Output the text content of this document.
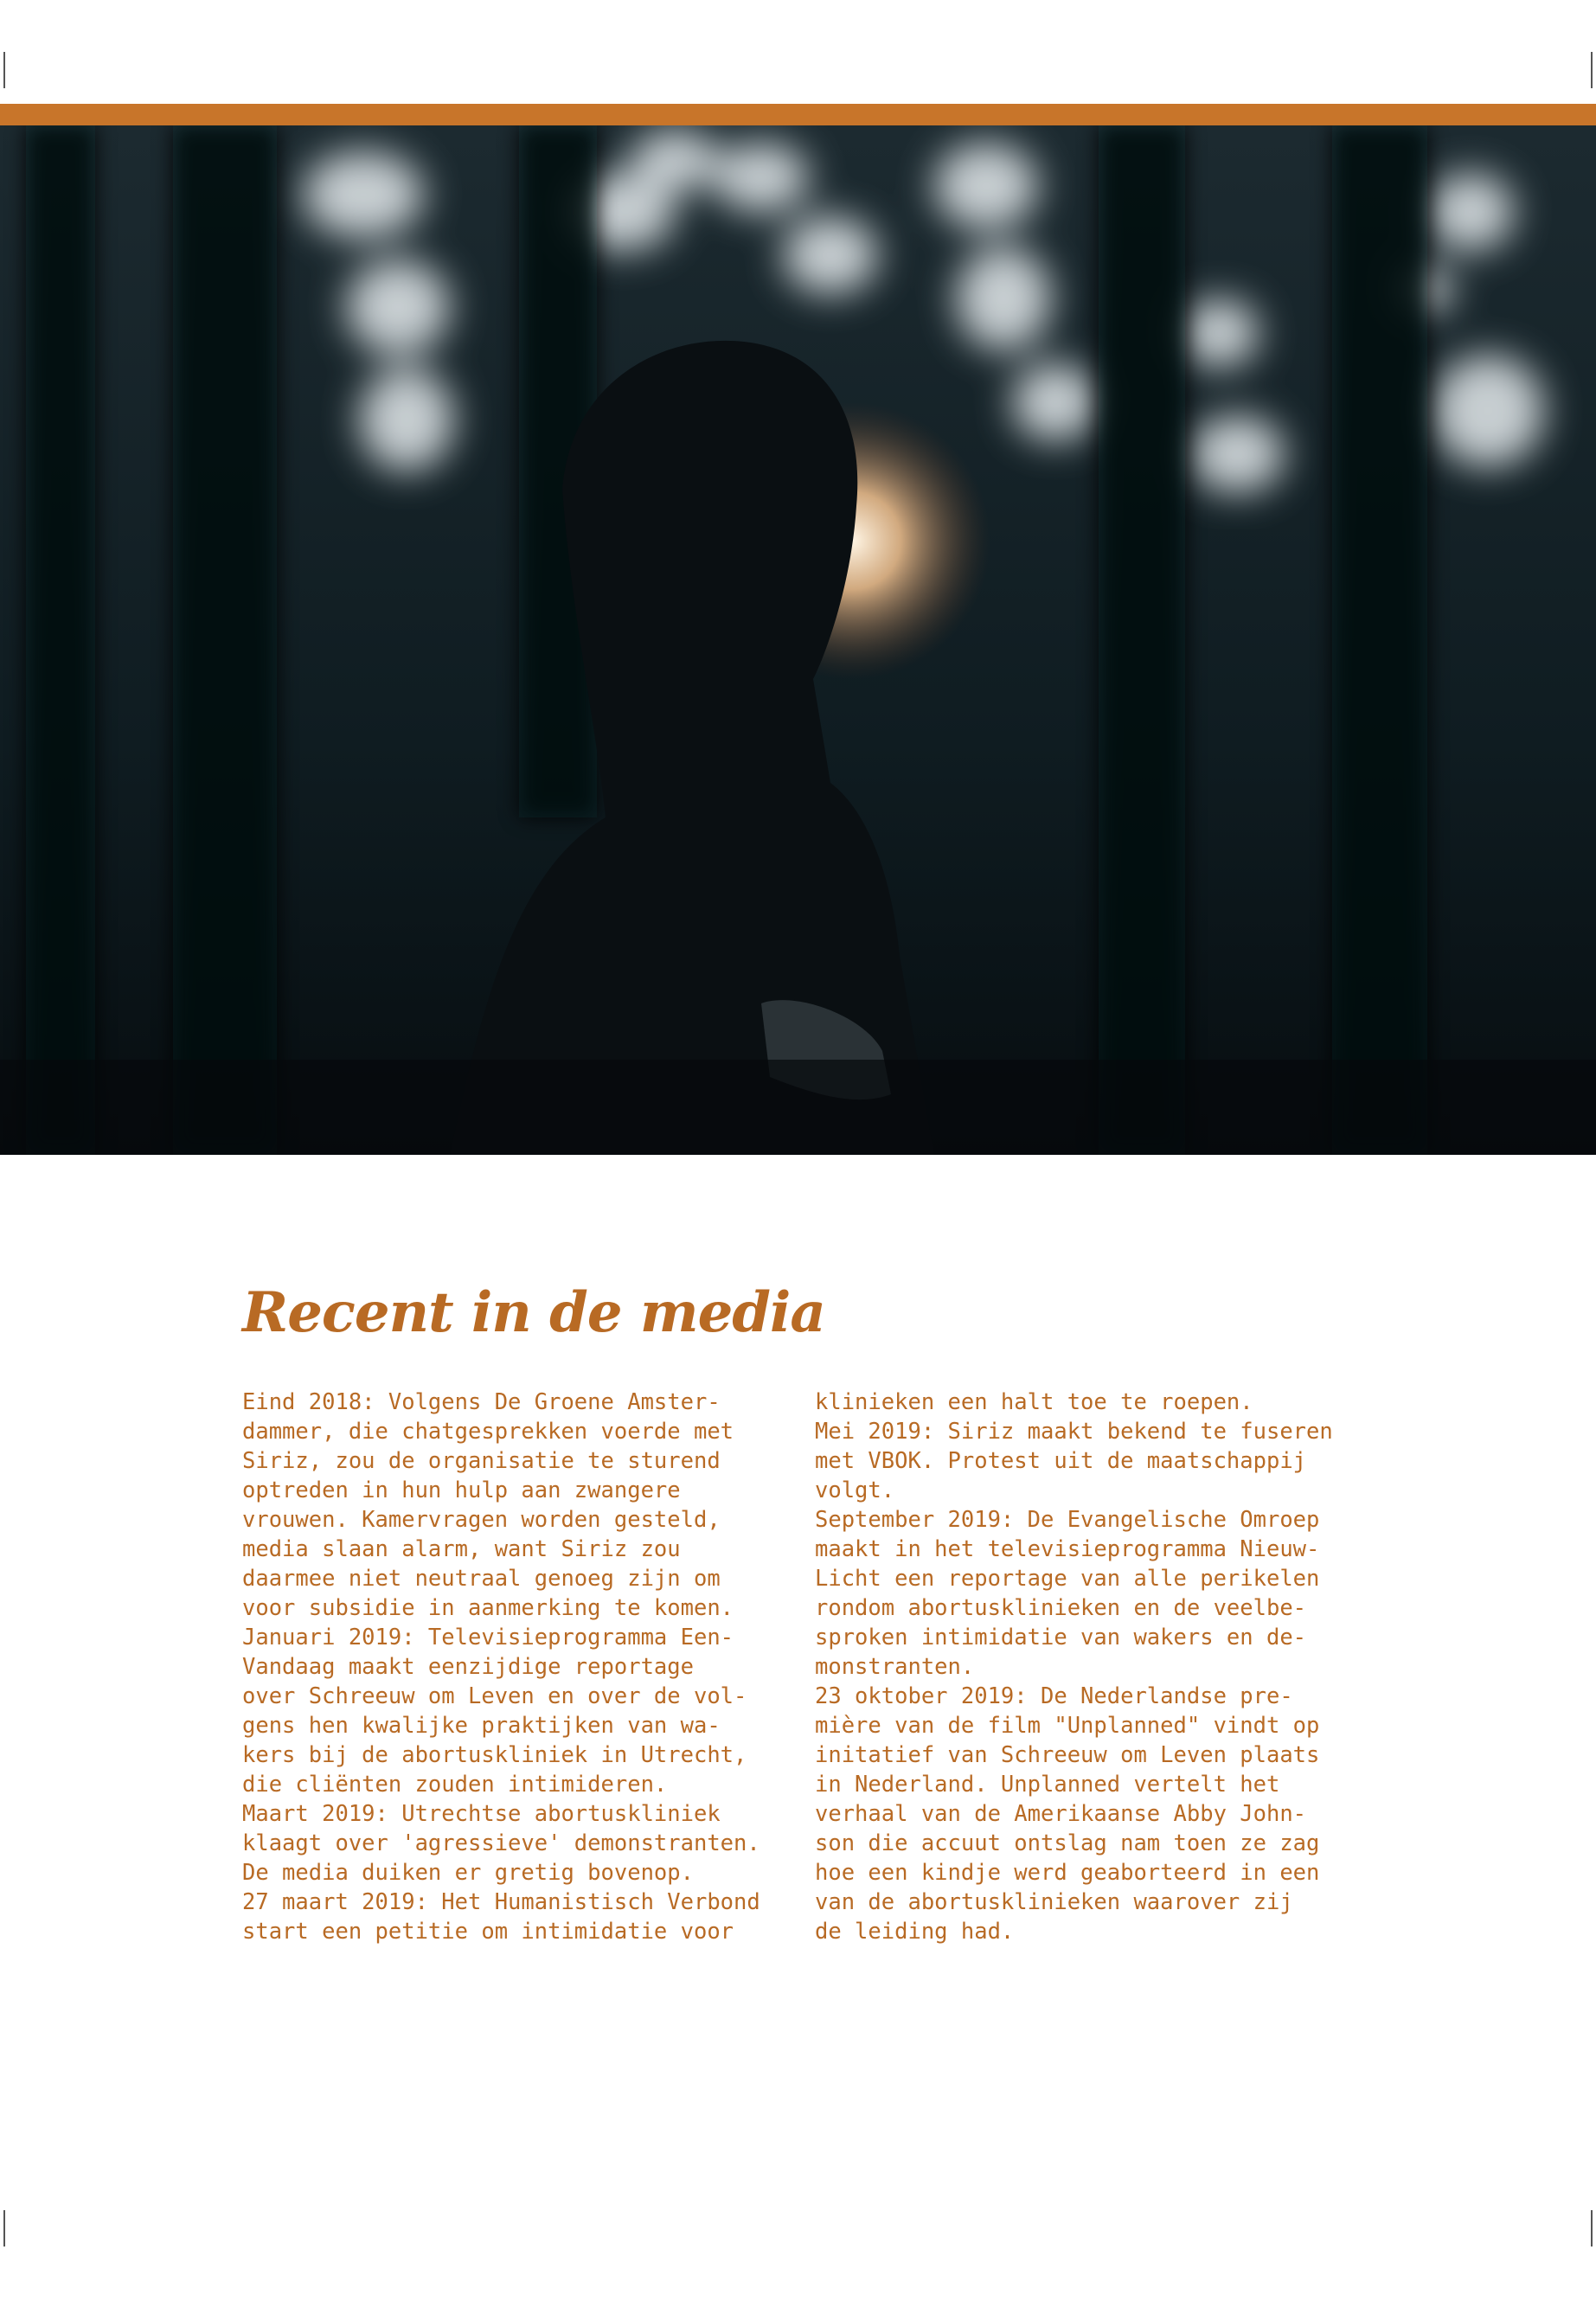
Recent in de media

Eind 2018: Volgens De Groene Amster-
dammer, die chatgesprekken voerde met
Siriz, zou de organisatie te sturend
optreden in hun hulp aan zwangere
vrouwen. Kamervragen worden gesteld,
media slaan alarm, want Siriz zou
daarmee niet neutraal genoeg zijn om
voor subsidie in aanmerking te komen.
Januari 2019: Televisieprogramma Een-
Vandaag maakt eenzijdige reportage
over Schreeuw om Leven en over de vol-
gens hen kwalijke praktijken van wa-
kers bij de abortuskliniek in Utrecht,
die cliënten zouden intimideren.
Maart 2019: Utrechtse abortuskliniek
klaagt over 'agressieve' demonstranten.
De media duiken er gretig bovenop.
27 maart 2019: Het Humanistisch Verbond
start een petitie om intimidatie voor

klinieken een halt toe te roepen.
Mei 2019: Siriz maakt bekend te fuseren
met VBOK. Protest uit de maatschappij
volgt.
September 2019: De Evangelische Omroep
maakt in het televisieprogramma Nieuw-
Licht een reportage van alle perikelen
rondom abortusklinieken en de veelbe-
sproken intimidatie van wakers en de-
monstranten.
23 oktober 2019: De Nederlandse pre-
mière van de film "Unplanned" vindt op
initatief van Schreeuw om Leven plaats
in Nederland. Unplanned vertelt het
verhaal van de Amerikaanse Abby John-
son die accuut ontslag nam toen ze zag
hoe een kindje werd geaborteerd in een
van de abortusklinieken waarover zij
de leiding had.
